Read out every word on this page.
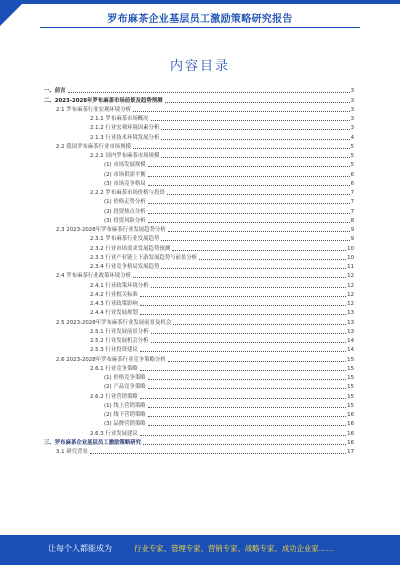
罗布麻茶企业基层员工激励策略研究报告
内容目录
一、前言	3
二、2023-2028年罗布麻茶市场前景及趋势预测	3
2.1 罗布麻茶行业宏观环境分析	3
2.1.1 罗布麻茶市场概况	3
2.1.2 行业宏观环境因素分析	3
2.1.3 行业技术环境发展分析	4
2.2 我国罗布麻茶行业市场规模	5
2.2.1 国内罗布麻茶市场规模	5
(1) 市场发展规模	5
(2) 市场供需平衡	6
(3) 市场竞争格局	6
2.2.2 罗布麻茶市场价格与投资	7
(1) 价格走势分析	7
(2) 投资热点分析	7
(3) 投资风险分析	8
2.3 2023-2028年罗布麻茶行业发展趋势分析	9
2.3.1 罗布麻茶行业发展趋势	9
2.3.2 行业市场需求发展趋势预测	10
2.3.3 行业产业链上下游发展趋势与前景分析	10
2.3.4 行业竞争格局发展趋势	11
2.4 罗布麻茶行业政策环境分析	12
2.4.1 行业政策环境分析	12
2.4.2 行业相关标准	12
2.4.3 行业政策影响	12
2.4.4 行业发展规划	13
2.5 2023-2028年罗布麻茶行业发展前景及机会	13
2.5.1 行业发展前景分析	13
2.5.2 行业发展机会分析	14
2.5.3 行业投资建议	14
2.6 2023-2028年罗布麻茶行业竞争策略分析	15
2.6.1 行业竞争策略	15
(1) 价格竞争策略	15
(2) 产品竞争策略	15
2.6.2 行业营销策略	15
(1) 线上营销策略	15
(2) 线下营销策略	16
(3) 品牌营销策略	16
2.6.3 行业发展建议	16
三、罗布麻茶企业基层员工激励策略研究	16
3.1 研究背景	17
让每个人都能成为	行业专家、管理专家、营销专家、战略专家、成功企业家……
